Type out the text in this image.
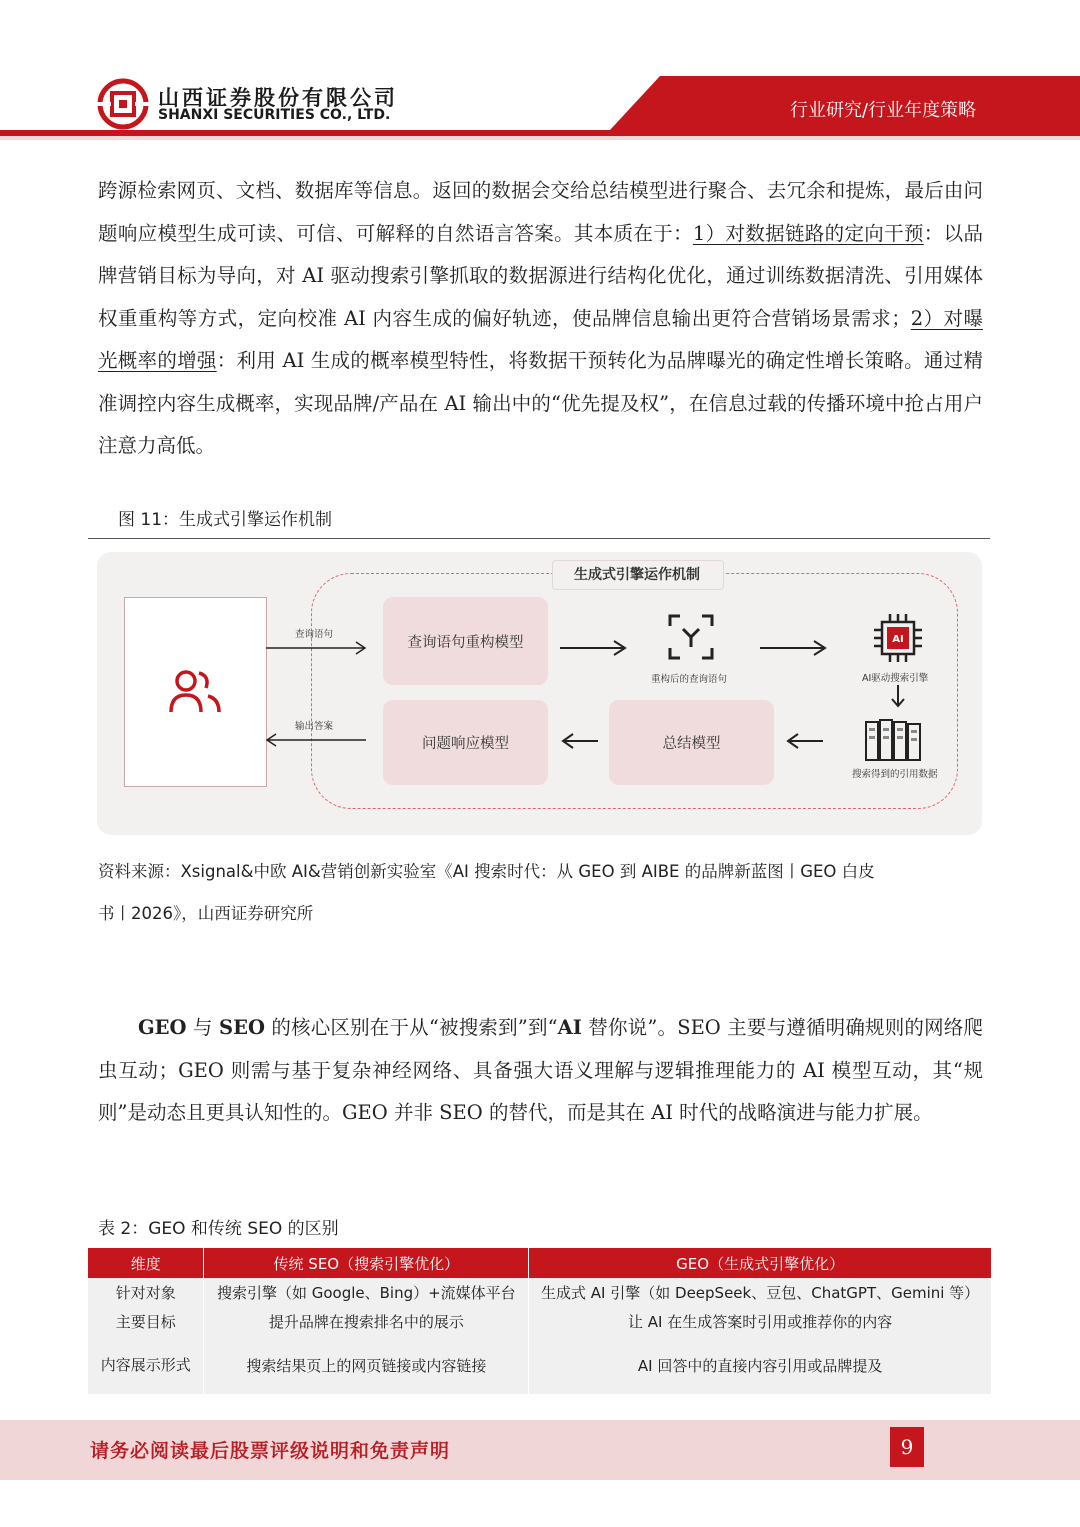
山西证券股份有限公司
SHANXI SECURITIES CO., LTD.	行业研究/行业年度策略
跨源检索网页、文档、数据库等信息。返回的数据会交给总结模型进行聚合、去冗余和提炼，最后由问题响应模型生成可读、可信、可解释的自然语言答案。其本质在于：1）对数据链路的定向干预：以品牌营销目标为导向，对 AI 驱动搜索引擎抓取的数据源进行结构化优化，通过训练数据清洗、引用媒体权重重构等方式，定向校准 AI 内容生成的偏好轨迹，使品牌信息输出更符合营销场景需求；2）对曝光概率的增强：利用 AI 生成的概率模型特性，将数据干预转化为品牌曝光的确定性增长策略。通过精准调控内容生成概率，实现品牌/产品在 AI 输出中的“优先提及权”，在信息过载的传播环境中抢占用户注意力高低。
图 11：生成式引擎运作机制
生成式引擎运作机制
查询语句
输出答案
查询语句重构模型
问题响应模型	总结模型
重构后的查询语句
AI
AI驱动搜索引擎
搜索得到的引用数据
资料来源：Xsignal&中欧 AI&营销创新实验室《AI 搜索时代：从 GEO 到 AIBE 的品牌新蓝图丨GEO 白皮
书丨2026》，山西证券研究所
GEO 与 SEO 的核心区别在于从“被搜索到”到“AI 替你说”。SEO 主要与遵循明确规则的网络爬虫互动；GEO 则需与基于复杂神经网络、具备强大语义理解与逻辑推理能力的 AI 模型互动，其“规则”是动态且更具认知性的。GEO 并非 SEO 的替代，而是其在 AI 时代的战略演进与能力扩展。
表 2：GEO 和传统 SEO 的区别
维度	传统 SEO（搜索引擎优化）	GEO（生成式引擎优化）
针对对象	搜索引擎（如 Google、Bing）+流媒体平台	生成式 AI 引擎（如 DeepSeek、豆包、ChatGPT、Gemini 等）
主要目标	提升品牌在搜索排名中的展示	让 AI 在生成答案时引用或推荐你的内容
内容展示形式	搜索结果页上的网页链接或内容链接	AI 回答中的直接内容引用或品牌提及
请务必阅读最后股票评级说明和免责声明	9
